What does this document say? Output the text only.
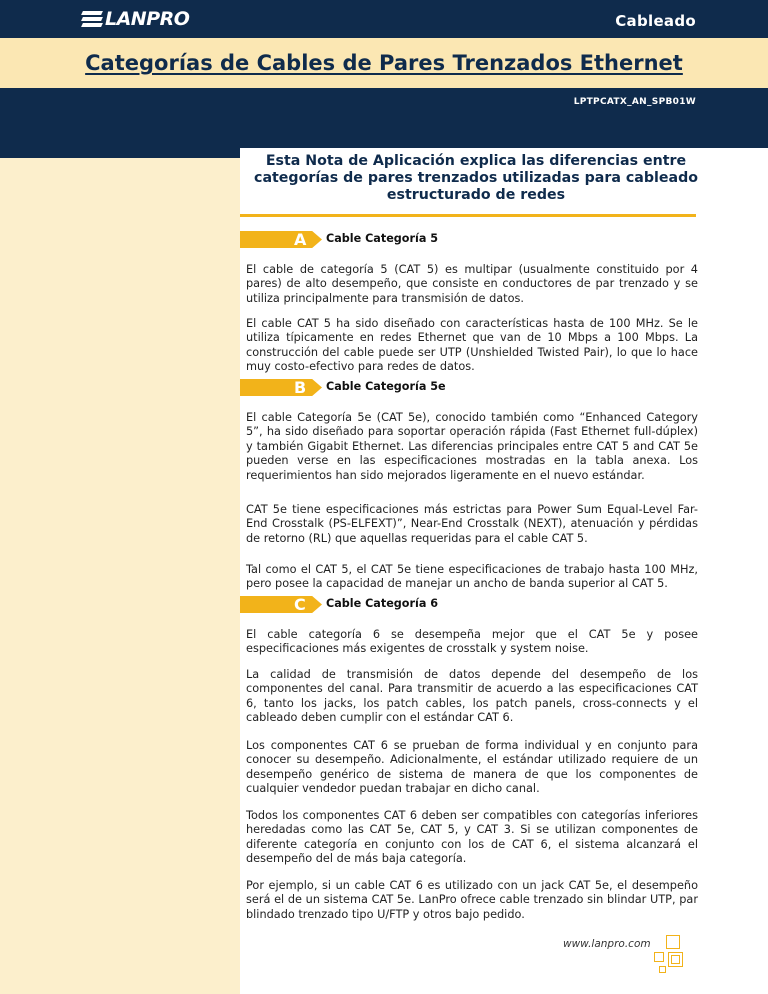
LANPRO	Cableado
Categorías de Cables de Pares Trenzados Ethernet
LPTPCATX_AN_SPB01W
Esta Nota de Aplicación explica las diferencias entre categorías de pares trenzados utilizadas para cableado estructurado de redes
A Cable Categoría 5
El cable de categoría 5 (CAT 5) es multipar (usualmente constituido por 4 pares) de alto desempeño, que consiste en conductores de par trenzado y se utiliza principalmente para transmisión de datos.
El cable CAT 5 ha sido diseñado con características hasta de 100 MHz. Se le utiliza típicamente en redes Ethernet que van de 10 Mbps a 100 Mbps. La construcción del cable puede ser UTP (Unshielded Twisted Pair), lo que lo hace muy costo-efectivo para redes de datos.
B Cable Categoría 5e
El cable Categoría 5e (CAT 5e), conocido también como “Enhanced Category 5”, ha sido diseñado para soportar operación rápida (Fast Ethernet full-dúplex) y también Gigabit Ethernet. Las diferencias principales entre CAT 5 and CAT 5e pueden verse en las especificaciones mostradas en la tabla anexa. Los requerimientos han sido mejorados ligeramente en el nuevo estándar.
CAT 5e tiene especificaciones más estrictas para Power Sum Equal-Level Far-End Crosstalk (PS-ELFEXT)”, Near-End Crosstalk (NEXT), atenuación y pérdidas de retorno (RL) que aquellas requeridas para el cable CAT 5.
Tal como el CAT 5, el CAT 5e tiene especificaciones de trabajo hasta 100 MHz, pero posee la capacidad de manejar un ancho de banda superior al CAT 5.
C Cable Categoría 6
El cable categoría 6 se desempeña mejor que el CAT 5e y posee especificaciones más exigentes de crosstalk y system noise.
La calidad de transmisión de datos depende del desempeño de los componentes del canal. Para transmitir de acuerdo a las especificaciones CAT 6, tanto los jacks, los patch cables, los patch panels, cross-connects y el cableado deben cumplir con el estándar CAT 6.
Los componentes CAT 6 se prueban de forma individual y en conjunto para conocer su desempeño. Adicionalmente, el estándar utilizado requiere de un desempeño genérico de sistema de manera de que los componentes de cualquier vendedor puedan trabajar en dicho canal.
Todos los componentes CAT 6 deben ser compatibles con categorías inferiores heredadas como las CAT 5e, CAT 5, y CAT 3. Si se utilizan componentes de diferente categoría en conjunto con los de CAT 6, el sistema alcanzará el desempeño del de más baja categoría.
Por ejemplo, si un cable CAT 6 es utilizado con un jack CAT 5e, el desempeño será el de un sistema CAT 5e. LanPro ofrece cable trenzado sin blindar UTP, par blindado trenzado tipo U/FTP y otros bajo pedido.
www.lanpro.com
